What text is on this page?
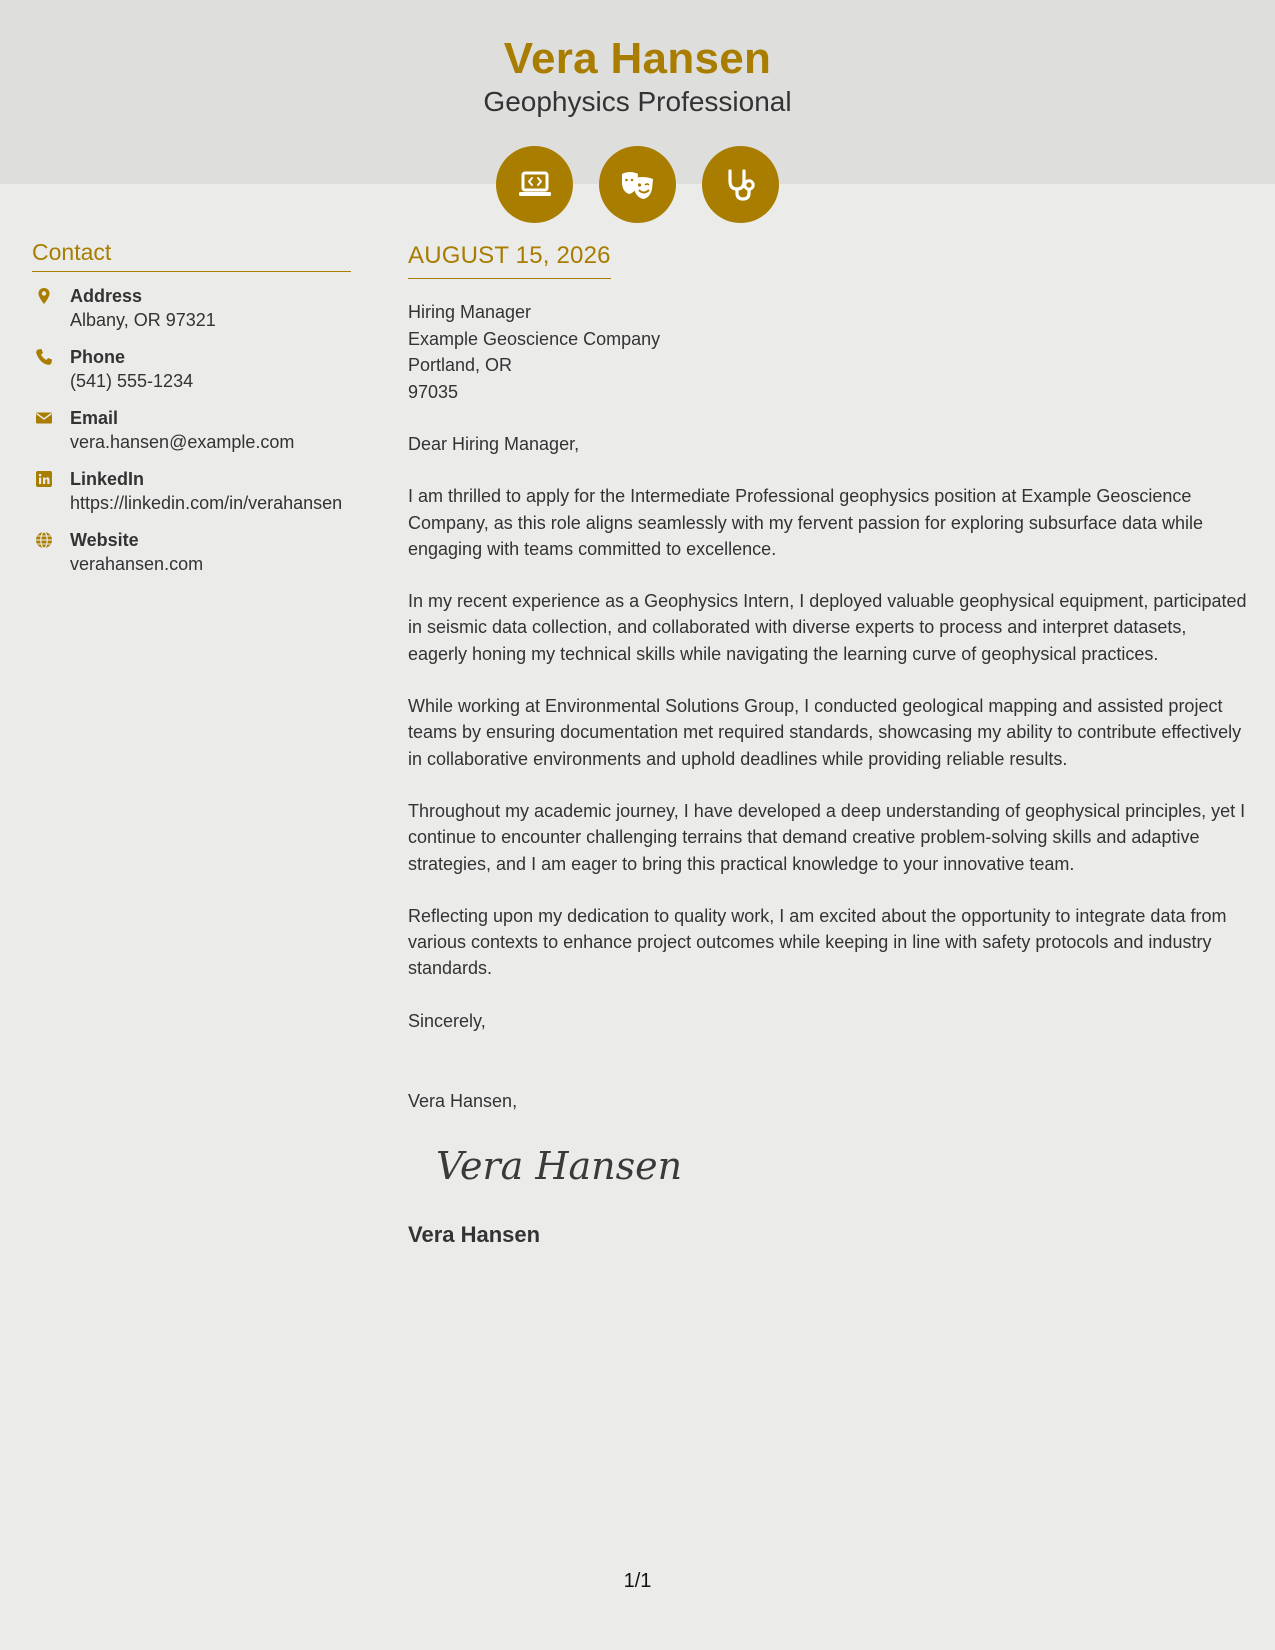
Vera Hansen
Geophysics Professional
Contact
Address
Albany, OR 97321
Phone
(541) 555-1234
Email
vera.hansen@example.com
LinkedIn
https://linkedin.com/in/verahansen
Website
verahansen.com
AUGUST 15, 2026
Hiring Manager
Example Geoscience Company
Portland, OR
97035
Dear Hiring Manager,
I am thrilled to apply for the Intermediate Professional geophysics position at Example Geoscience Company, as this role aligns seamlessly with my fervent passion for exploring subsurface data while engaging with teams committed to excellence.
In my recent experience as a Geophysics Intern, I deployed valuable geophysical equipment, participated in seismic data collection, and collaborated with diverse experts to process and interpret datasets, eagerly honing my technical skills while navigating the learning curve of geophysical practices.
While working at Environmental Solutions Group, I conducted geological mapping and assisted project teams by ensuring documentation met required standards, showcasing my ability to contribute effectively in collaborative environments and uphold deadlines while providing reliable results.
Throughout my academic journey, I have developed a deep understanding of geophysical principles, yet I continue to encounter challenging terrains that demand creative problem-solving skills and adaptive strategies, and I am eager to bring this practical knowledge to your innovative team.
Reflecting upon my dedication to quality work, I am excited about the opportunity to integrate data from various contexts to enhance project outcomes while keeping in line with safety protocols and industry standards.
Sincerely,
Vera Hansen,
Vera Hansen
Vera Hansen
1/1
